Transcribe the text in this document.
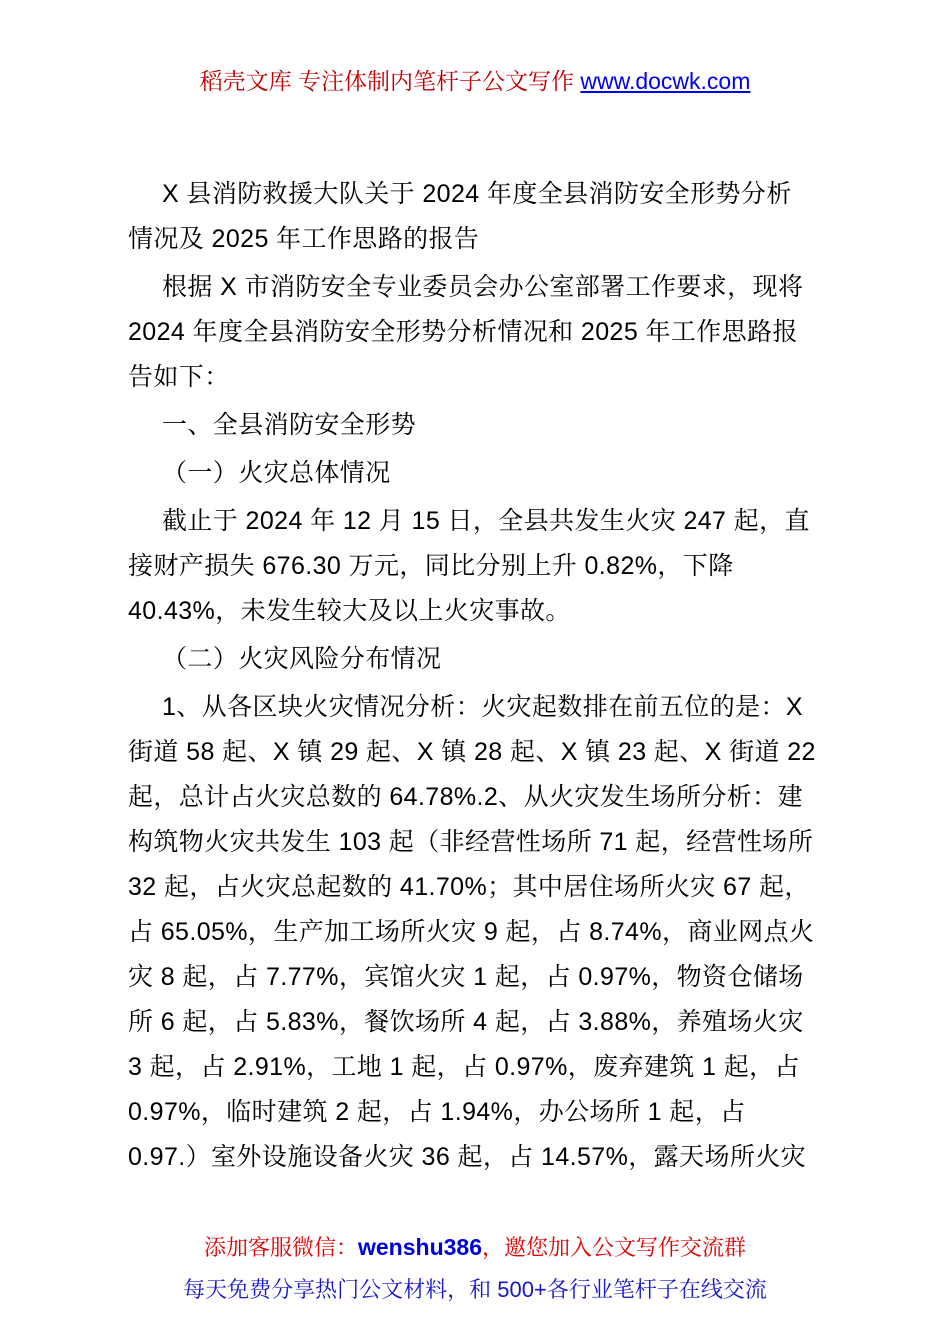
稻壳文库 专注体制内笔杆子公文写作 www.docwk.com
X 县消防救援大队关于 2024 年度全县消防安全形势分析
情况及 2025 年工作思路的报告
根据 X 市消防安全专业委员会办公室部署工作要求，现将
2024 年度全县消防安全形势分析情况和 2025 年工作思路报
告如下：
一、全县消防安全形势
（一）火灾总体情况
截止于 2024 年 12 月 15 日，全县共发生火灾 247 起，直
接财产损失 676.30 万元，同比分别上升 0.82%，下降
40.43%，未发生较大及以上火灾事故。
（二）火灾风险分布情况
1、从各区块火灾情况分析：火灾起数排在前五位的是：X
街道 58 起、X 镇 29 起、X 镇 28 起、X 镇 23 起、X 街道 22
起，总计占火灾总数的 64.78%.2、从火灾发生场所分析：建
构筑物火灾共发生 103 起（非经营性场所 71 起，经营性场所
32 起，占火灾总起数的 41.70%；其中居住场所火灾 67 起，
占 65.05%，生产加工场所火灾 9 起，占 8.74%，商业网点火
灾 8 起，占 7.77%，宾馆火灾 1 起，占 0.97%，物资仓储场
所 6 起，占 5.83%，餐饮场所 4 起，占 3.88%，养殖场火灾
3 起，占 2.91%，工地 1 起，占 0.97%，废弃建筑 1 起，占
0.97%，临时建筑 2 起，占 1.94%，办公场所 1 起，占
0.97.）室外设施设备火灾 36 起，占 14.57%，露天场所火灾
添加客服微信：wenshu386，邀您加入公文写作交流群
每天免费分享热门公文材料，和 500+各行业笔杆子在线交流
